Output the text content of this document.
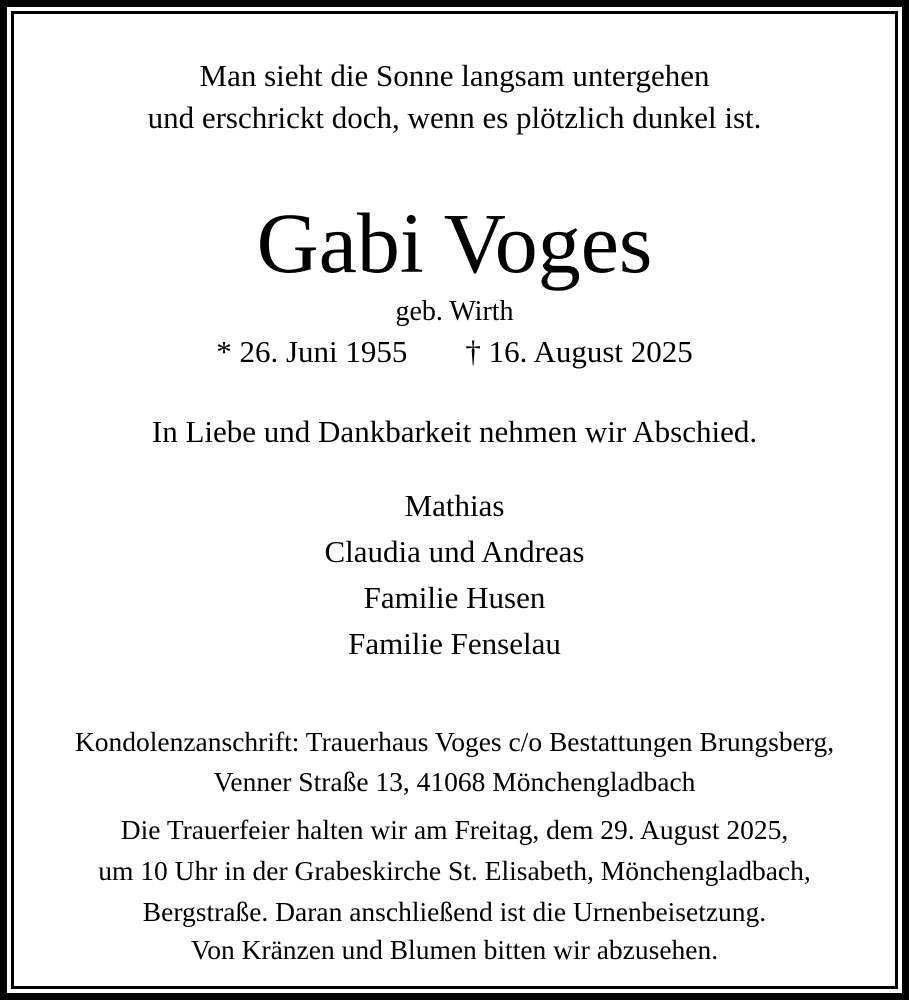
Man sieht die Sonne langsam untergehen
und erschrickt doch, wenn es plötzlich dunkel ist.
Gabi Voges
geb. Wirth
* 26. Juni 1955 † 16. August 2025
In Liebe und Dankbarkeit nehmen wir Abschied.
Mathias
Claudia und Andreas
Familie Husen
Familie Fenselau
Kondolenzanschrift: Trauerhaus Voges c/o Bestattungen Brungsberg,
Venner Straße 13, 41068 Mönchengladbach
Die Trauerfeier halten wir am Freitag, dem 29. August 2025,
um 10 Uhr in der Grabeskirche St. Elisabeth, Mönchengladbach,
Bergstraße. Daran anschließend ist die Urnenbeisetzung.
Von Kränzen und Blumen bitten wir abzusehen.
